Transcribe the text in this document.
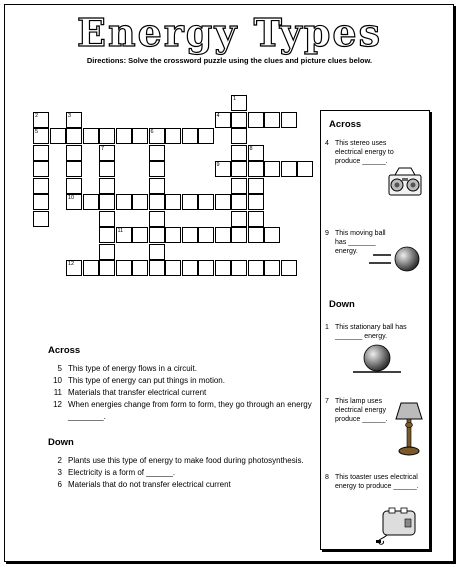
Energy Types
Directions: Solve the crossword puzzle using the clues and picture clues below.
1
2
5
3
10
4
6
7	8
9
11
12
Across
5 This type of energy flows in a circuit.
10 This type of energy can put things in motion.
11 Materials that transfer electrical current
12 When energies change from form to form, they go through an energy ________.
Down
2 Plants use this type of energy to make food during photosynthesis.
3 Electricity is a form of ______.
6 Materials that do not transfer electrical current
Across
4 This stereo uses electrical energy to produce ______.
9 This moving ball has _______ energy.
Down
1 This stationary ball has _______ energy.
7 This lamp uses electrical energy produce ______.
8 This toaster uses electrical energy to produce ______.
